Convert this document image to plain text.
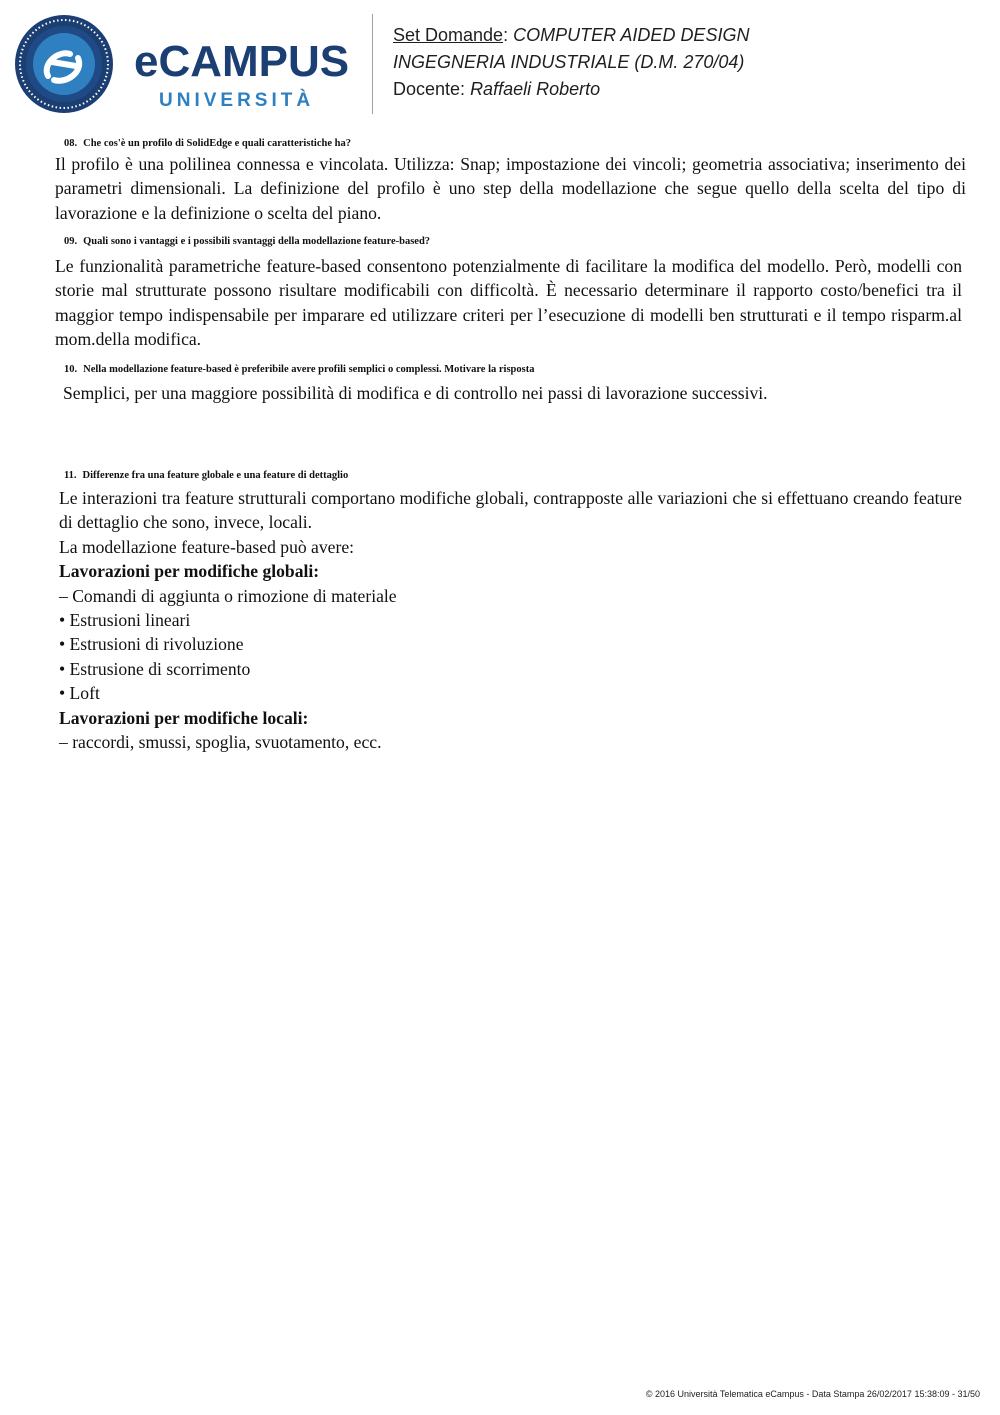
eCAMPUS
UNIVERSITÀ
Set Domande: COMPUTER AIDED DESIGN
INGEGNERIA INDUSTRIALE (D.M. 270/04)
Docente: Raffaeli Roberto
08. Che cos'è un profilo di SolidEdge e quali caratteristiche ha?

Il profilo è una polilinea connessa e vincolata. Utilizza: Snap; impostazione dei vincoli; geometria associativa; inserimento dei parametri dimensionali. La definizione del profilo è uno step della modellazione che segue quello della scelta del tipo di lavorazione e la definizione o scelta del piano.

09. Quali sono i vantaggi e i possibili svantaggi della modellazione feature-based?

Le funzionalità parametriche feature-based consentono potenzialmente di facilitare la modifica del modello. Però, modelli con storie mal strutturate possono risultare modificabili con difficoltà. È necessario determinare il rapporto costo/benefici tra il maggior tempo indispensabile per imparare ed utilizzare criteri per l’esecuzione di modelli ben strutturati e il tempo risparm.al mom.della modifica.

10. Nella modellazione feature-based è preferibile avere profili semplici o complessi. Motivare la risposta

Semplici, per una maggiore possibilità di modifica e di controllo nei passi di lavorazione successivi.

11. Differenze fra una feature globale e una feature di dettaglio

Le interazioni tra feature strutturali comportano modifiche globali, contrapposte alle variazioni che si effettuano creando feature di dettaglio che sono, invece, locali.

La modellazione feature-based può avere:

Lavorazioni per modifiche globali:

– Comandi di aggiunta o rimozione di materiale

• Estrusioni lineari

• Estrusioni di rivoluzione

• Estrusione di scorrimento

• Loft

Lavorazioni per modifiche locali:

– raccordi, smussi, spoglia, svuotamento, ecc.

© 2016 Università Telematica eCampus - Data Stampa 26/02/2017 15:38:09 - 31/50
